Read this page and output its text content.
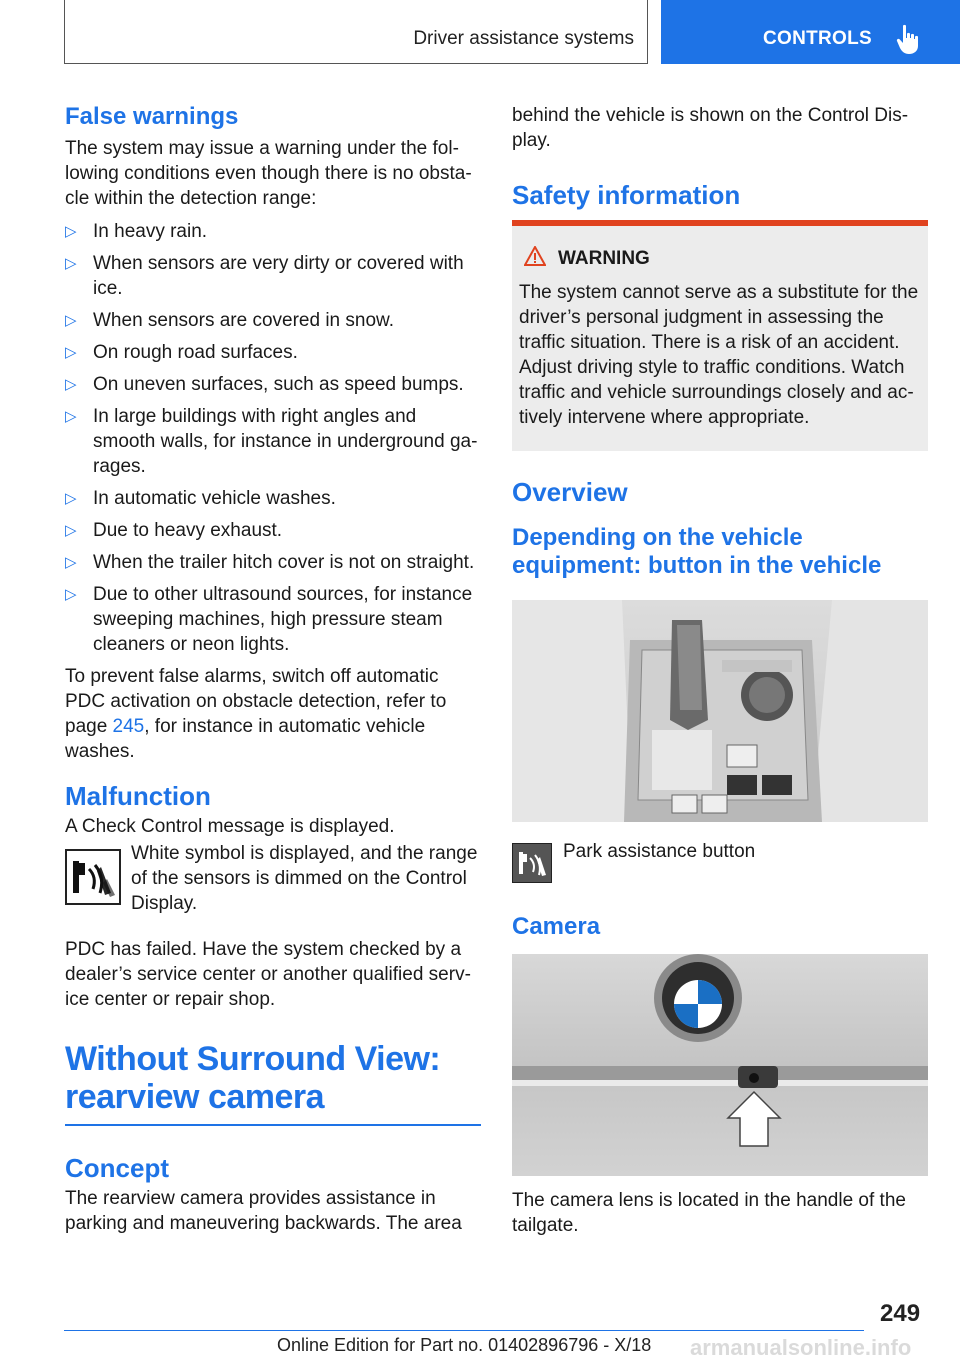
Driver assistance systems	CONTROLS
False warnings

The system may issue a warning under the fol-lowing conditions even though there is no obsta-cle within the detection range:

▷ In heavy rain.
▷ When sensors are very dirty or covered with ice.
▷ When sensors are covered in snow.
▷ On rough road surfaces.
▷ On uneven surfaces, such as speed bumps.
▷ In large buildings with right angles and smooth walls, for instance in underground ga-rages.
▷ In automatic vehicle washes.
▷ Due to heavy exhaust.
▷ When the trailer hitch cover is not on straight.
▷ Due to other ultrasound sources, for instance sweeping machines, high pressure steam cleaners or neon lights.

To prevent false alarms, switch off automatic PDC activation on obstacle detection, refer to page 245, for instance in automatic vehicle washes.

Malfunction

A Check Control message is displayed.

White symbol is displayed, and the range of the sensors is dimmed on the Control Display.

PDC has failed. Have the system checked by a dealer’s service center or another qualified serv-ice center or repair shop.

Without Surround View:
rearview camera
Concept

The rearview camera provides assistance in parking and maneuvering backwards. The area

behind the vehicle is shown on the Control Dis-play.

Safety information
WARNING

The system cannot serve as a substitute for the driver’s personal judgment in assessing the traffic situation. There is a risk of an accident. Adjust driving style to traffic conditions. Watch traffic and vehicle surroundings closely and ac-tively intervene where appropriate.

Overview
Depending on the vehicle
equipment: button in the vehicle
Park assistance button
Camera

The camera lens is located in the handle of the tailgate.

249
Online Edition for Part no. 01402896796 - X/18 armanualsonline.info
